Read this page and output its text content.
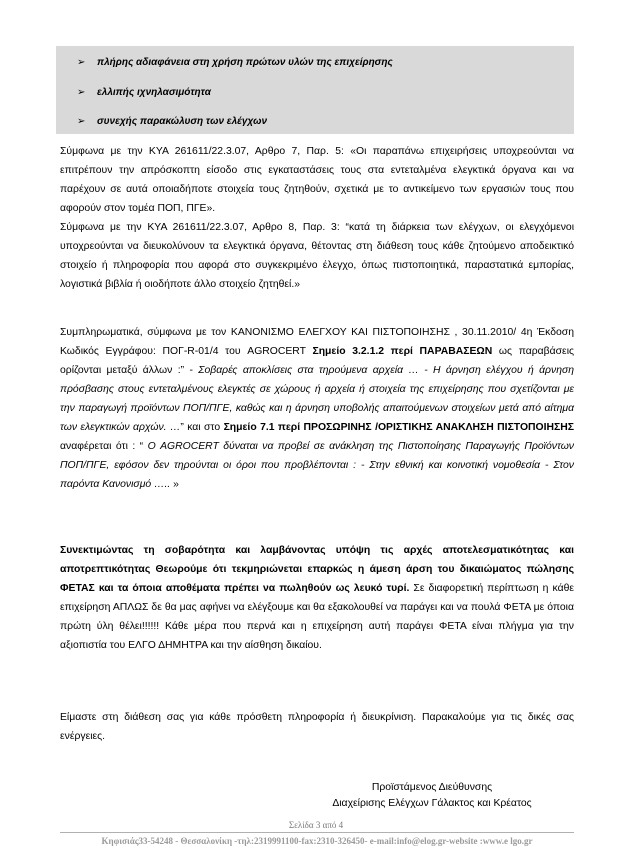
➢ πλήρης αδιαφάνεια στη χρήση πρώτων υλών της επιχείρησης
➢ ελλιπής ιχνηλασιμότητα
➢ συνεχής παρακώλυση των ελέγχων

Σύμφωνα με την ΚΥΑ 261611/22.3.07, Αρθρο 7, Παρ. 5: «Οι παραπάνω επιχειρήσεις υποχρεούνται να επιτρέπουν την απρόσκοπτη είσοδο στις εγκαταστάσεις τους στα εντεταλμένα ελεγκτικά όργανα και να παρέχουν σε αυτά οποιαδήποτε στοιχεία τους ζητηθούν, σχετικά με το αντικείμενο των εργασιών τους που αφορούν στον τομέα ΠΟΠ, ΠΓΕ».

Σύμφωνα με την ΚΥΑ 261611/22.3.07, Αρθρο 8, Παρ. 3: “κατά τη διάρκεια των ελέγχων, οι ελεγχόμενοι υποχρεούνται να διευκολύνουν τα ελεγκτικά όργανα, θέτοντας στη διάθεση τους κάθε ζητούμενο αποδεικτικό στοιχείο ή πληροφορία που αφορά στο συγκεκριμένο έλεγχο, όπως πιστοποιητικά, παραστατικά εμπορίας, λογιστικά βιβλία ή οιοδήποτε άλλο στοιχείο ζητηθεί.»

Συμπληρωματικά, σύμφωνα με τον ΚΑΝΟΝΙΣΜΟ ΕΛΕΓΧΟΥ ΚΑΙ ΠΙΣΤΟΠΟΙΗΣΗΣ , 30.11.2010/ 4η Έκδοση Κωδικός Εγγράφου: ΠΟΓ-R-01/4 του AGROCERT Σημείο 3.2.1.2 περί ΠΑΡΑΒΑΣΕΩΝ ως παραβάσεις ορίζονται μεταξύ άλλων :” - Σοβαρές αποκλίσεις στα τηρούμενα αρχεία … - Η άρνηση ελέγχου ή άρνηση πρόσβασης στους εντεταλμένους ελεγκτές σε χώρους ή αρχεία ή στοιχεία της επιχείρησης που σχετίζονται με την παραγωγή προϊόντων ΠΟΠ/ΠΓΕ, καθώς και η άρνηση υποβολής απαιτούμενων στοιχείων μετά από αίτημα των ελεγκτικών αρχών. …” και στο Σημείο 7.1 περί ΠΡΟΣΩΡΙΝΗΣ /ΟΡΙΣΤΙΚΗΣ ΑΝΑΚΛΗΣΗ ΠΙΣΤΟΠΟΙΗΣΗΣ αναφέρεται ότι : “ Ο AGROCERT δύναται να προβεί σε ανάκληση της Πιστοποίησης Παραγωγής Προϊόντων ΠΟΠ/ΠΓΕ, εφόσον δεν τηρούνται οι όροι που προβλέπονται : - Στην εθνική και κοινοτική νομοθεσία - Στον παρόντα Κανονισμό ….. »

Συνεκτιμώντας τη σοβαρότητα και λαμβάνοντας υπόψη τις αρχές αποτελεσματικότητας και αποτρεπτικότητας Θεωρούμε ότι τεκμηριώνεται επαρκώς η άμεση άρση του δικαιώματος πώλησης ΦΕΤΑΣ και τα όποια αποθέματα πρέπει να πωληθούν ως λευκό τυρί. Σε διαφορετική περίπτωση η κάθε επιχείρηση ΑΠΛΩΣ δε θα μας αφήνει να ελέγξουμε και θα εξακολουθεί να παράγει και να πουλά ΦΕΤΑ με όποια πρώτη ύλη θέλει!!!!!! Κάθε μέρα που περνά και η επιχείρηση αυτή παράγει ΦΕΤΑ είναι πλήγμα για την αξιοπιστία του ΕΛΓΟ ΔΗΜΗΤΡΑ και την αίσθηση δικαίου.

Είμαστε στη διάθεση σας για κάθε πρόσθετη πληροφορία ή διευκρίνιση. Παρακαλούμε για τις δικές σας ενέργειες.

Προϊστάμενος Διεύθυνσης
Διαχείρισης Ελέγχων Γάλακτος και Κρέατος
Σελίδα 3 από 4
Κηφισιάς33-54248 - Θεσσαλονίκη -τηλ:2319991100-fax:2310-326450- e-mail:info@elog.gr-website :www.e lgo.gr
